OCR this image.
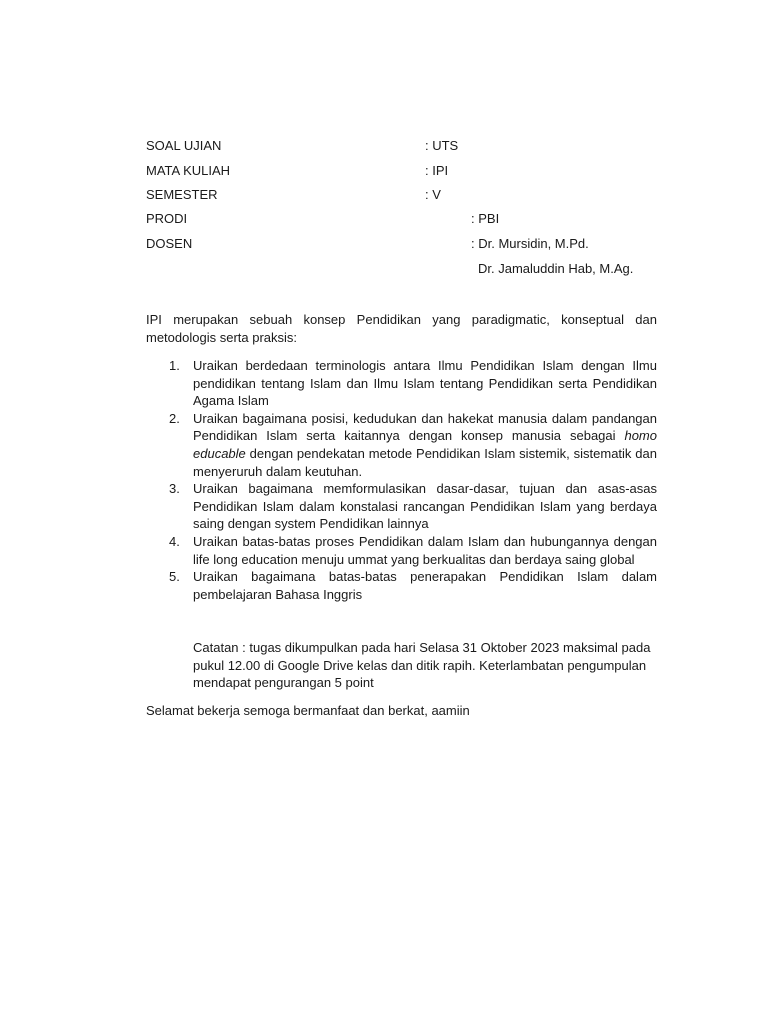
SOAL UJIAN	: UTS
MATA KULIAH	: IPI
SEMESTER	: V
PRODI	: PBI
DOSEN	: Dr. Mursidin, M.Pd.
Dr. Jamaluddin Hab, M.Ag.

IPI merupakan sebuah konsep Pendidikan yang paradigmatic, konseptual dan metodologis serta praksis:

1. Uraikan berdedaan terminologis antara Ilmu Pendidikan Islam dengan Ilmu pendidikan tentang Islam dan Ilmu Islam tentang Pendidikan serta Pendidikan Agama Islam
2. Uraikan bagaimana posisi, kedudukan dan hakekat manusia dalam pandangan Pendidikan Islam serta kaitannya dengan konsep manusia sebagai homo educable dengan pendekatan metode Pendidikan Islam sistemik, sistematik dan menyeruruh dalam keutuhan.
3. Uraikan bagaimana memformulasikan dasar-dasar, tujuan dan asas-asas Pendidikan Islam dalam konstalasi rancangan Pendidikan Islam yang berdaya saing dengan system Pendidikan lainnya
4. Uraikan batas-batas proses Pendidikan dalam Islam dan hubungannya dengan life long education menuju ummat yang berkualitas dan berdaya saing global
5. Uraikan bagaimana batas-batas penerapakan Pendidikan Islam dalam pembelajaran Bahasa Inggris

Catatan : tugas dikumpulkan pada hari Selasa 31 Oktober 2023 maksimal pada pukul 12.00 di Google Drive kelas dan ditik rapih. Keterlambatan pengumpulan mendapat pengurangan 5 point

Selamat bekerja semoga bermanfaat dan berkat, aamiin
